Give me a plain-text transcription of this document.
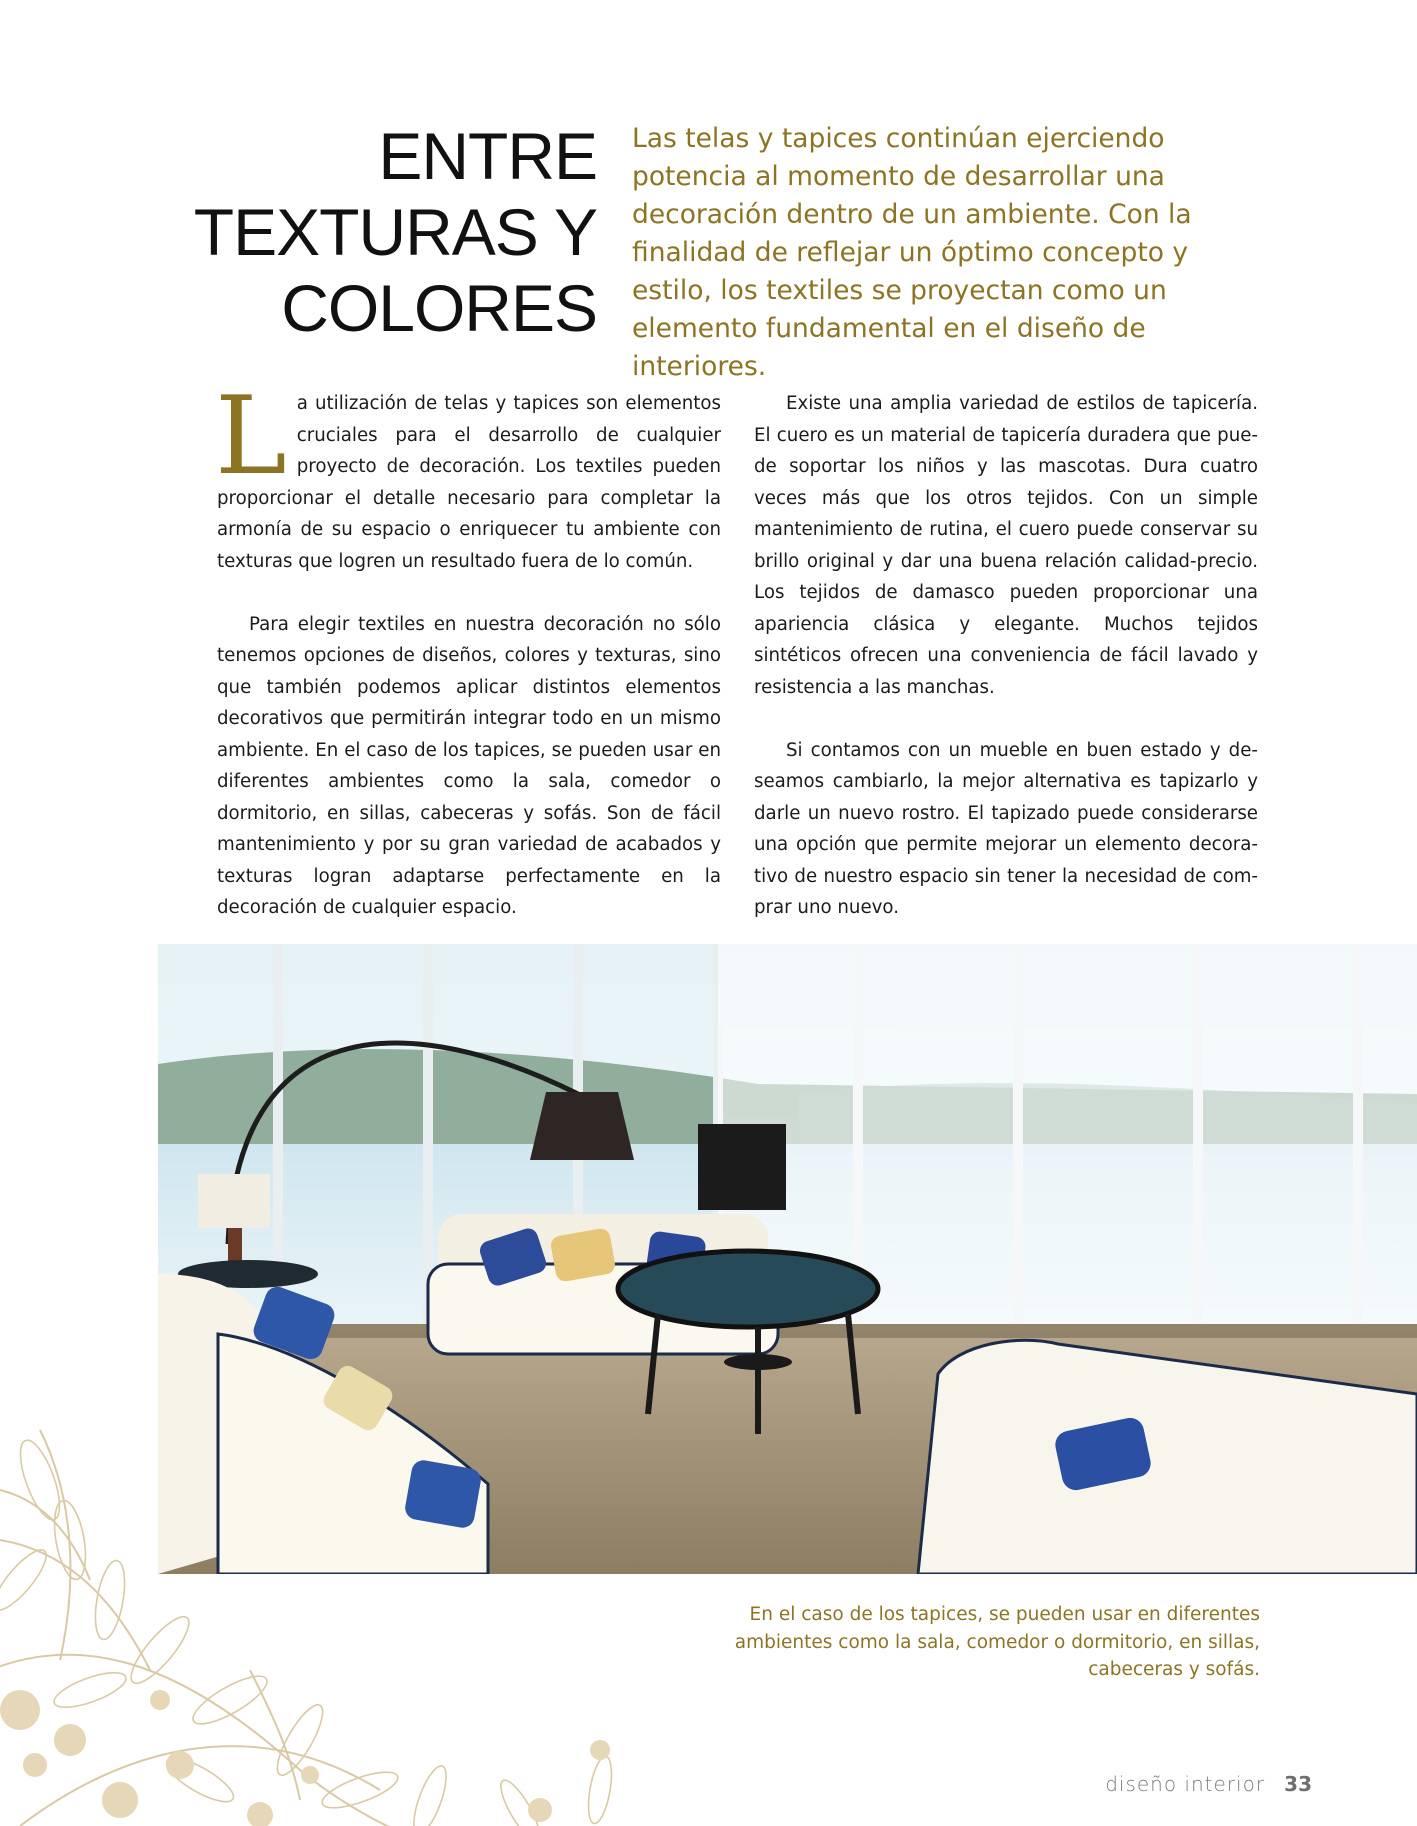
ENTRE
TEXTURAS Y
COLORES

Las telas y tapices continúan ejerciendo potencia al momento de desarrollar una decoración dentro de un ambiente. Con la finalidad de reflejar un óptimo concepto y estilo, los textiles se proyectan como un elemento fundamental en el diseño de interiores.

La utilización de telas y tapices son elementos cruciales para el desarrollo de cualquier proyecto de decoración. Los textiles pueden proporcionar el detalle necesario para completar la armonía de su espacio o enriquecer tu ambiente con texturas que logren un resultado fuera de lo común.

Para elegir textiles en nuestra decoración no sólo tenemos opciones de diseños, colores y texturas, sino que también podemos aplicar distintos elementos decorativos que permitirán integrar todo en un mismo ambiente. En el caso de los tapices, se pueden usar en diferentes ambientes como la sala, comedor o dormitorio, en sillas, cabeceras y sofás. Son de fácil mantenimiento y por su gran variedad de acabados y texturas logran adaptarse perfectamente en la decoración de cualquier espacio.

Existe una amplia variedad de estilos de tapicería. El cuero es un material de tapicería duradera que puede soportar los niños y las mascotas. Dura cuatro veces más que los otros tejidos. Con un simple mantenimiento de rutina, el cuero puede conservar su brillo original y dar una buena relación calidad-precio. Los tejidos de damasco pueden proporcionar una apariencia clásica y elegante. Muchos tejidos sintéticos ofrecen una conveniencia de fácil lavado y resistencia a las manchas.

Si contamos con un mueble en buen estado y deseamos cambiarlo, la mejor alternativa es tapizarlo y darle un nuevo rostro. El tapizado puede considerarse una opción que permite mejorar un elemento decorativo de nuestro espacio sin tener la necesidad de comprar uno nuevo.

En el caso de los tapices, se pueden usar en diferentes ambientes como la sala, comedor o dormitorio, en sillas, cabeceras y sofás.

diseño interior 33
